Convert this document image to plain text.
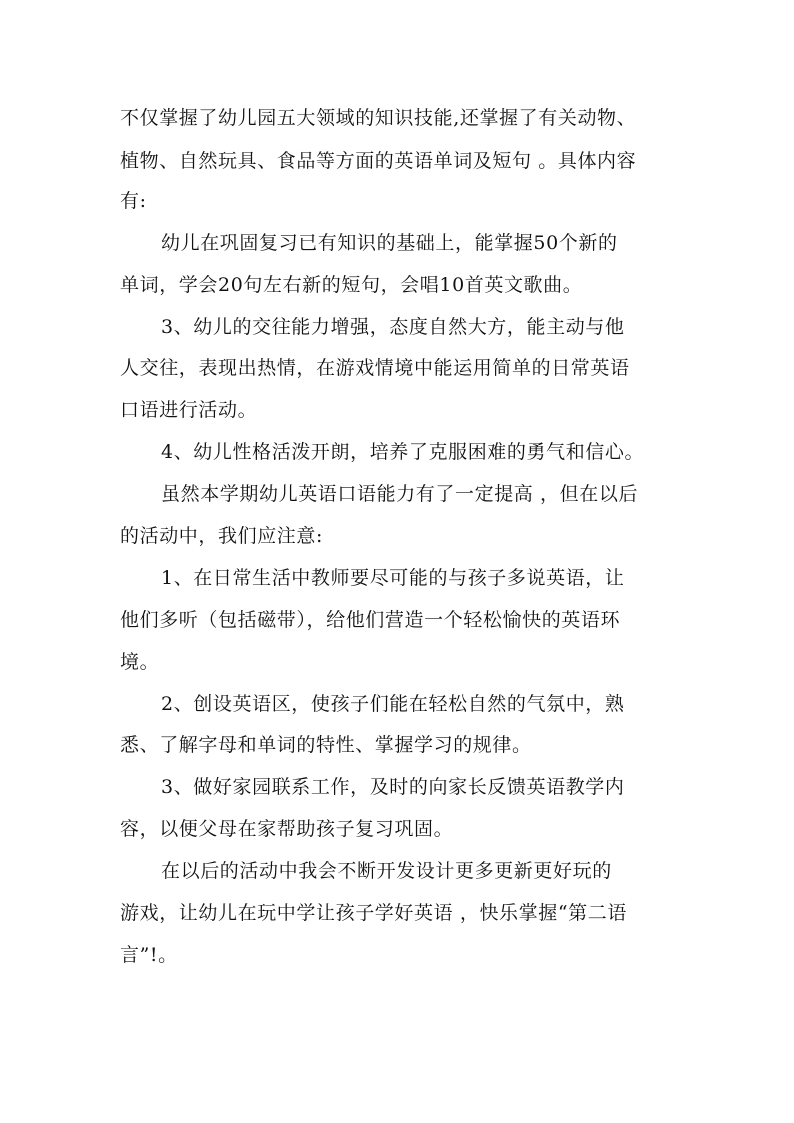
不仅掌握了幼儿园五大领域的知识技能,还掌握了有关动物、
植物、自然玩具、食品等方面的英语单词及短句 。具体内容
有:
幼儿在巩固复习已有知识的基础上，能掌握50个新的
单词，学会20句左右新的短句，会唱10首英文歌曲。
3、幼儿的交往能力增强，态度自然大方，能主动与他
人交往，表现出热情，在游戏情境中能运用简单的日常英语
口语进行活动。
4、幼儿性格活泼开朗，培养了克服困难的勇气和信心。
虽然本学期幼儿英语口语能力有了一定提高 ，但在以后
的活动中，我们应注意:
1、在日常生活中教师要尽可能的与孩子多说英语，让
他们多听（包括磁带），给他们营造一个轻松愉快的英语环
境。
2、创设英语区，使孩子们能在轻松自然的气氛中，熟
悉、了解字母和单词的特性、掌握学习的规律。
3、做好家园联系工作，及时的向家长反馈英语教学内
容，以便父母在家帮助孩子复习巩固。
在以后的活动中我会不断开发设计更多更新更好玩的
游戏，让幼儿在玩中学让孩子学好英语 ，快乐掌握“第二语
言”!。
